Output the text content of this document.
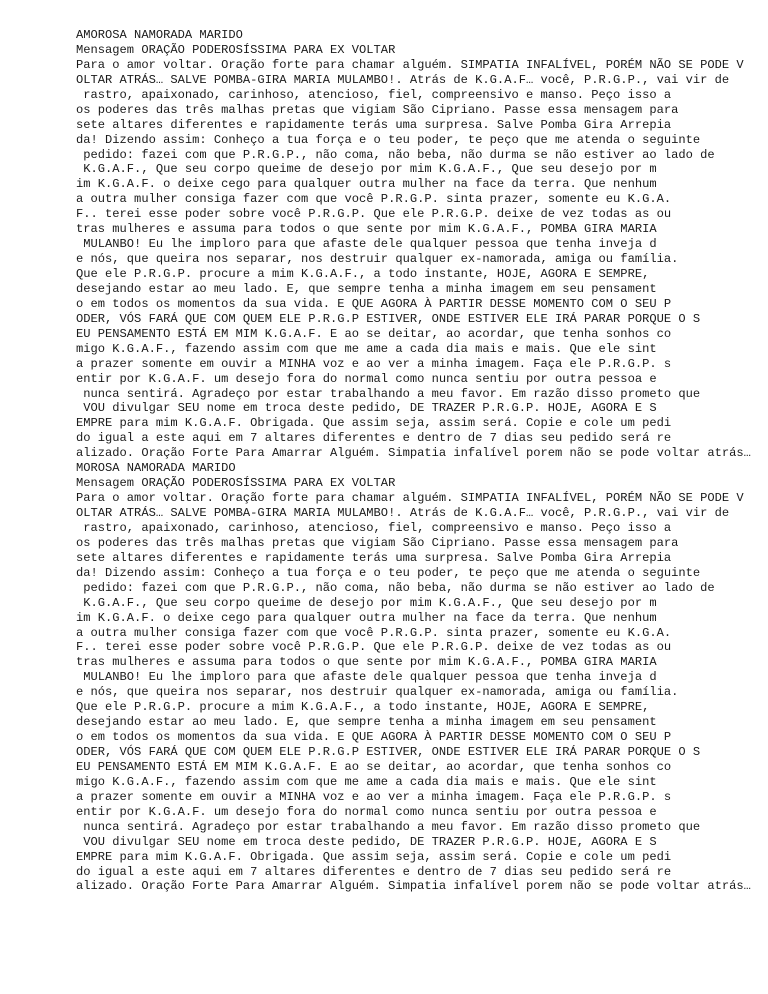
AMOROSA NAMORADA MARIDO
Mensagem ORAÇÃO PODEROSÍSSIMA PARA EX VOLTAR
Para o amor voltar. Oração forte para chamar alguém. SIMPATIA INFALÍVEL, PORÉM NÃO SE PODE V
OLTAR ATRÁS… SALVE POMBA-GIRA MARIA MULAMBO!. Atrás de K.G.A.F… você, P.R.G.P., vai vir de
rastro, apaixonado, carinhoso, atencioso, fiel, compreensivo e manso. Peço isso a
os poderes das três malhas pretas que vigiam São Cipriano. Passe essa mensagem para
sete altares diferentes e rapidamente terás uma surpresa. Salve Pomba Gira Arrepia
da! Dizendo assim: Conheço a tua força e o teu poder, te peço que me atenda o seguinte
pedido: fazei com que P.R.G.P., não coma, não beba, não durma se não estiver ao lado de
K.G.A.F., Que seu corpo queime de desejo por mim K.G.A.F., Que seu desejo por m
im K.G.A.F. o deixe cego para qualquer outra mulher na face da terra. Que nenhum
a outra mulher consiga fazer com que você P.R.G.P. sinta prazer, somente eu K.G.A.
F.. terei esse poder sobre você P.R.G.P. Que ele P.R.G.P. deixe de vez todas as ou
tras mulheres e assuma para todos o que sente por mim K.G.A.F., POMBA GIRA MARIA
MULANBO! Eu lhe imploro para que afaste dele qualquer pessoa que tenha inveja d
e nós, que queira nos separar, nos destruir qualquer ex-namorada, amiga ou família.
Que ele P.R.G.P. procure a mim K.G.A.F., a todo instante, HOJE, AGORA E SEMPRE,
desejando estar ao meu lado. E, que sempre tenha a minha imagem em seu pensament
o em todos os momentos da sua vida. E QUE AGORA À PARTIR DESSE MOMENTO COM O SEU P
ODER, VÓS FARÁ QUE COM QUEM ELE P.R.G.P ESTIVER, ONDE ESTIVER ELE IRÁ PARAR PORQUE O S
EU PENSAMENTO ESTÁ EM MIM K.G.A.F. E ao se deitar, ao acordar, que tenha sonhos co
migo K.G.A.F., fazendo assim com que me ame a cada dia mais e mais. Que ele sint
a prazer somente em ouvir a MINHA voz e ao ver a minha imagem. Faça ele P.R.G.P. s
entir por K.G.A.F. um desejo fora do normal como nunca sentiu por outra pessoa e
nunca sentirá. Agradeço por estar trabalhando a meu favor. Em razão disso prometo que
VOU divulgar SEU nome em troca deste pedido, DE TRAZER P.R.G.P. HOJE, AGORA E S
EMPRE para mim K.G.A.F. Obrigada. Que assim seja, assim será. Copie e cole um pedi
do igual a este aqui em 7 altares diferentes e dentro de 7 dias seu pedido será re
alizado. Oração Forte Para Amarrar Alguém. Simpatia infalível porem não se pode voltar atrás…
MOROSA NAMORADA MARIDO
Mensagem ORAÇÃO PODEROSÍSSIMA PARA EX VOLTAR
Para o amor voltar. Oração forte para chamar alguém. SIMPATIA INFALÍVEL, PORÉM NÃO SE PODE V
OLTAR ATRÁS… SALVE POMBA-GIRA MARIA MULAMBO!. Atrás de K.G.A.F… você, P.R.G.P., vai vir de
rastro, apaixonado, carinhoso, atencioso, fiel, compreensivo e manso. Peço isso a
os poderes das três malhas pretas que vigiam São Cipriano. Passe essa mensagem para
sete altares diferentes e rapidamente terás uma surpresa. Salve Pomba Gira Arrepia
da! Dizendo assim: Conheço a tua força e o teu poder, te peço que me atenda o seguinte
pedido: fazei com que P.R.G.P., não coma, não beba, não durma se não estiver ao lado de
K.G.A.F., Que seu corpo queime de desejo por mim K.G.A.F., Que seu desejo por m
im K.G.A.F. o deixe cego para qualquer outra mulher na face da terra. Que nenhum
a outra mulher consiga fazer com que você P.R.G.P. sinta prazer, somente eu K.G.A.
F.. terei esse poder sobre você P.R.G.P. Que ele P.R.G.P. deixe de vez todas as ou
tras mulheres e assuma para todos o que sente por mim K.G.A.F., POMBA GIRA MARIA
MULANBO! Eu lhe imploro para que afaste dele qualquer pessoa que tenha inveja d
e nós, que queira nos separar, nos destruir qualquer ex-namorada, amiga ou família.
Que ele P.R.G.P. procure a mim K.G.A.F., a todo instante, HOJE, AGORA E SEMPRE,
desejando estar ao meu lado. E, que sempre tenha a minha imagem em seu pensament
o em todos os momentos da sua vida. E QUE AGORA À PARTIR DESSE MOMENTO COM O SEU P
ODER, VÓS FARÁ QUE COM QUEM ELE P.R.G.P ESTIVER, ONDE ESTIVER ELE IRÁ PARAR PORQUE O S
EU PENSAMENTO ESTÁ EM MIM K.G.A.F. E ao se deitar, ao acordar, que tenha sonhos co
migo K.G.A.F., fazendo assim com que me ame a cada dia mais e mais. Que ele sint
a prazer somente em ouvir a MINHA voz e ao ver a minha imagem. Faça ele P.R.G.P. s
entir por K.G.A.F. um desejo fora do normal como nunca sentiu por outra pessoa e
nunca sentirá. Agradeço por estar trabalhando a meu favor. Em razão disso prometo que
VOU divulgar SEU nome em troca deste pedido, DE TRAZER P.R.G.P. HOJE, AGORA E S
EMPRE para mim K.G.A.F. Obrigada. Que assim seja, assim será. Copie e cole um pedi
do igual a este aqui em 7 altares diferentes e dentro de 7 dias seu pedido será re
alizado. Oração Forte Para Amarrar Alguém. Simpatia infalível porem não se pode voltar atrás…
